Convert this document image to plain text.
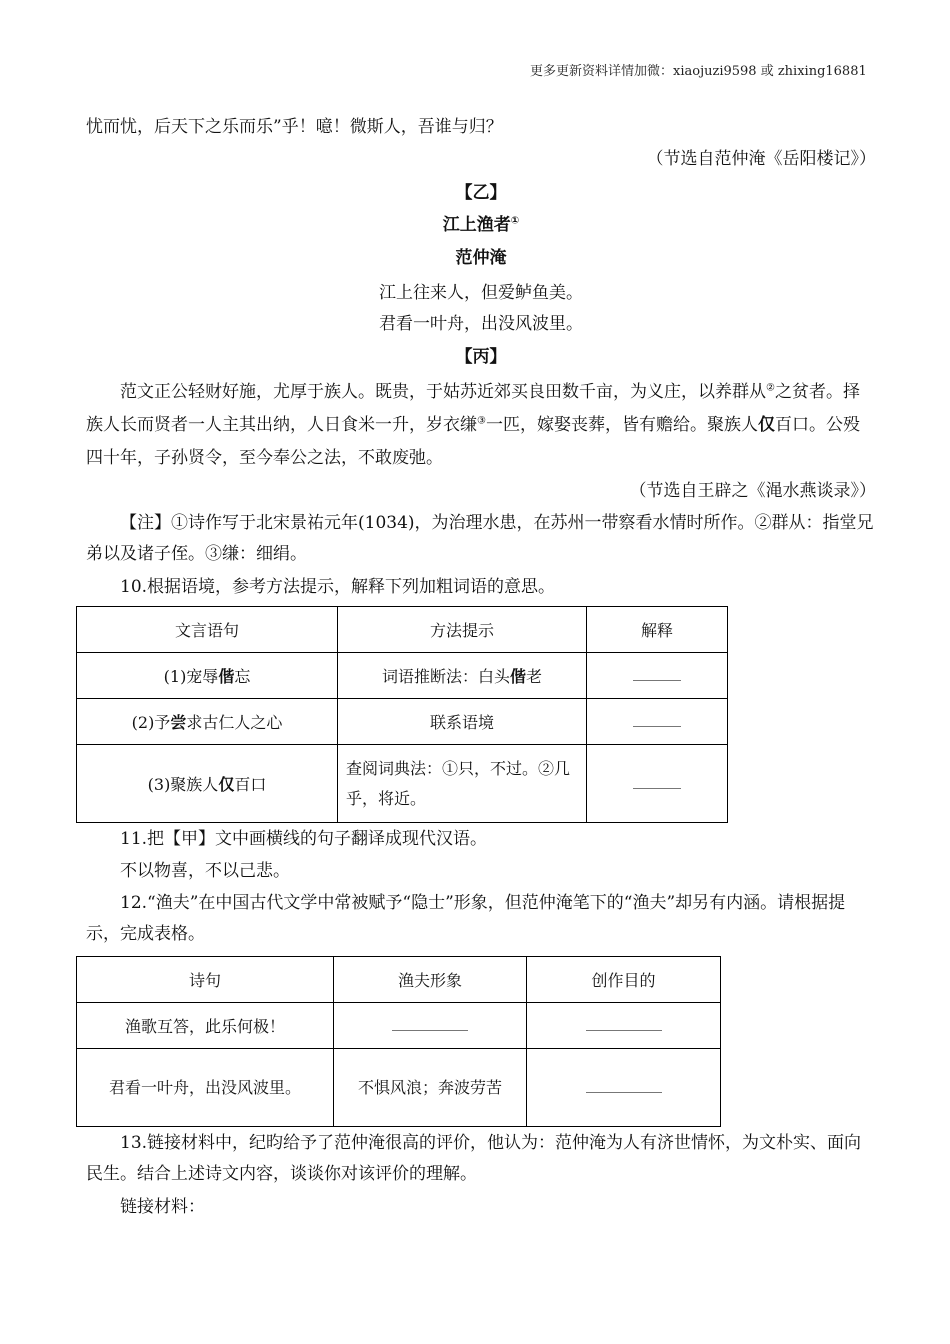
更多更新资料详情加微：xiaojuzi9598 或 zhixing16881
忧而忧，后天下之乐而乐”乎！噫！微斯人，吾谁与归？
（节选自范仲淹《岳阳楼记》）
【乙】
江上渔者①
范仲淹
江上往来人，但爱鲈鱼美。
君看一叶舟，出没风波里。
【丙】
范文正公轻财好施，尤厚于族人。既贵，于姑苏近郊买良田数千亩，为义庄，以养群从②之贫者。择族人长而贤者一人主其出纳，人日食米一升，岁衣缣③一匹，嫁娶丧葬，皆有赡给。聚族人仅百口。公殁四十年，子孙贤令，至今奉公之法，不敢废弛。
（节选自王辟之《渑水燕谈录》）
【注】①诗作写于北宋景祐元年(1034)，为治理水患，在苏州一带察看水情时所作。②群从：指堂兄弟以及诸子侄。③缣：细绢。
10.根据语境，参考方法提示，解释下列加粗词语的意思。
文言语句	方法提示	解释
(1)宠辱偕忘	词语推断法：白头偕老	
(2)予尝求古仁人之心	联系语境	
(3)聚族人仅百口	查阅词典法：①只，不过。②几乎，将近。	
11.把【甲】文中画横线的句子翻译成现代汉语。
不以物喜，不以己悲。
12.“渔夫”在中国古代文学中常被赋予“隐士”形象，但范仲淹笔下的“渔夫”却另有内涵。请根据提示，完成表格。
诗句	渔夫形象	创作目的
渔歌互答，此乐何极！		
君看一叶舟，出没风波里。	不惧风浪；奔波劳苦	
13.链接材料中，纪昀给予了范仲淹很高的评价，他认为：范仲淹为人有济世情怀，为文朴实、面向民生。结合上述诗文内容，谈谈你对该评价的理解。
链接材料：
